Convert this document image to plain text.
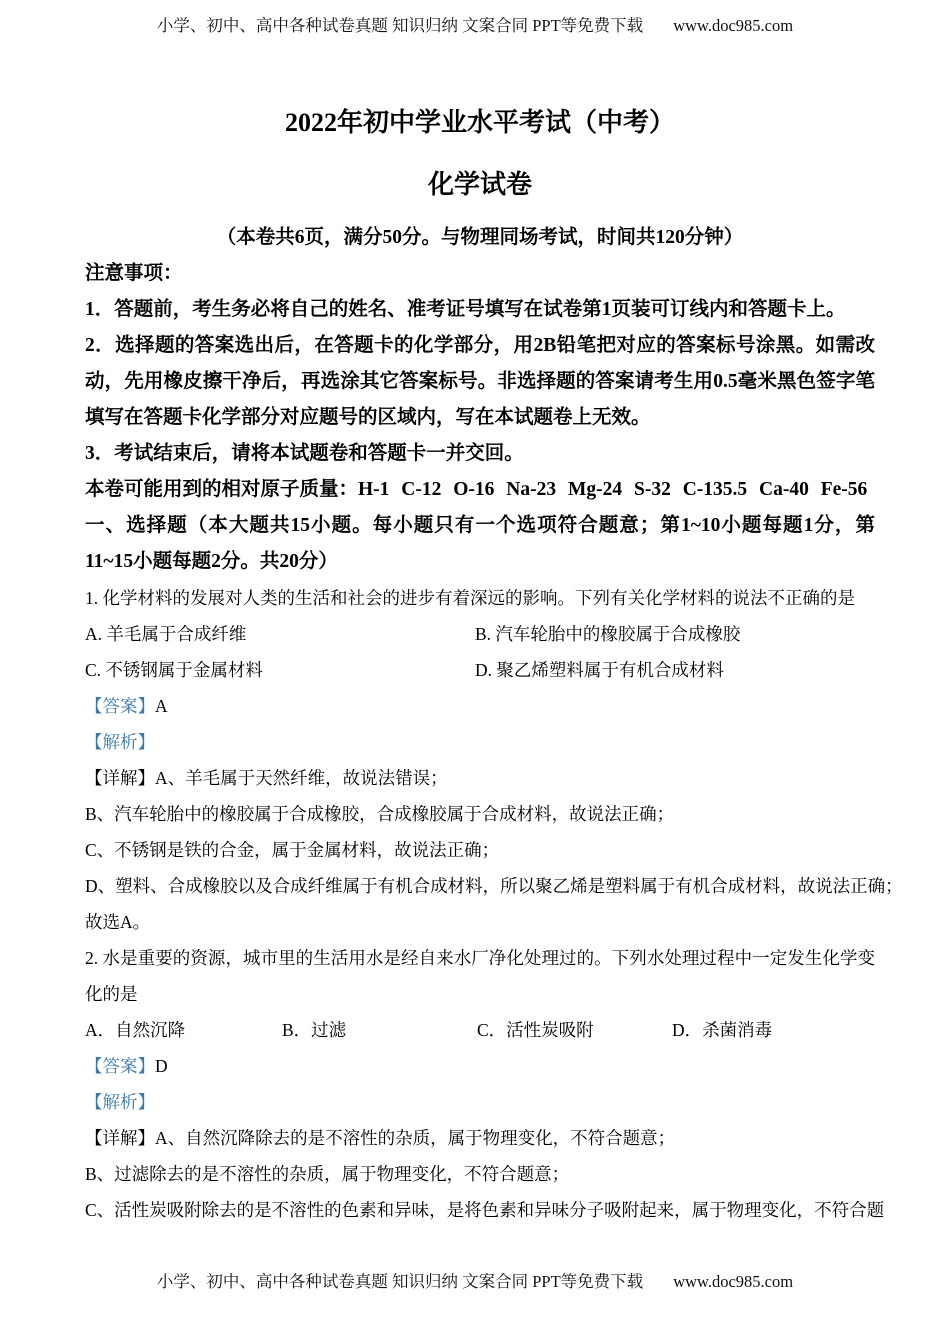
小学、初中、高中各种试卷真题 知识归纳 文案合同 PPT等免费下载 www.doc985.com
2022年初中学业水平考试（中考）
化学试卷
（本卷共6页，满分50分。与物理同场考试，时间共120分钟）

注意事项：

1．答题前，考生务必将自己的姓名、准考证号填写在试卷第1页装可订线内和答题卡上。

2．选择题的答案选出后，在答题卡的化学部分，用2B铅笔把对应的答案标号涂黑。如需改动，先用橡皮擦干净后，再选涂其它答案标号。非选择题的答案请考生用0.5毫米黑色签字笔填写在答题卡化学部分对应题号的区域内，写在本试题卷上无效。

3．考试结束后，请将本试题卷和答题卡一并交回。

本卷可能用到的相对原子质量：H-1 C-12 O-16 Na-23 Mg-24 S-32 C-135.5 Ca-40 Fe-56

一、选择题（本大题共15小题。每小题只有一个选项符合题意；第1~10小题每题1分，第11~15小题每题2分。共20分）

1. 化学材料的发展对人类的生活和社会的进步有着深远的影响。下列有关化学材料的说法不正确的是

A. 羊毛属于合成纤维	B. 汽车轮胎中的橡胶属于合成橡胶
C. 不锈钢属于金属材料	D. 聚乙烯塑料属于有机合成材料

【答案】A

【解析】

【详解】A、羊毛属于天然纤维，故说法错误；

B、汽车轮胎中的橡胶属于合成橡胶，合成橡胶属于合成材料，故说法正确；

C、不锈钢是铁的合金，属于金属材料，故说法正确；

D、塑料、合成橡胶以及合成纤维属于有机合成材料，所以聚乙烯是塑料属于有机合成材料，故说法正确；

故选A。

2. 水是重要的资源，城市里的生活用水是经自来水厂净化处理过的。下列水处理过程中一定发生化学变化的是

A．自然沉降	B．过滤	C．活性炭吸附	D．杀菌消毒

【答案】D

【解析】

【详解】A、自然沉降除去的是不溶性的杂质，属于物理变化，不符合题意；

B、过滤除去的是不溶性的杂质，属于物理变化，不符合题意；

C、活性炭吸附除去的是不溶性的色素和异味，是将色素和异味分子吸附起来，属于物理变化，不符合题

小学、初中、高中各种试卷真题 知识归纳 文案合同 PPT等免费下载 www.doc985.com
